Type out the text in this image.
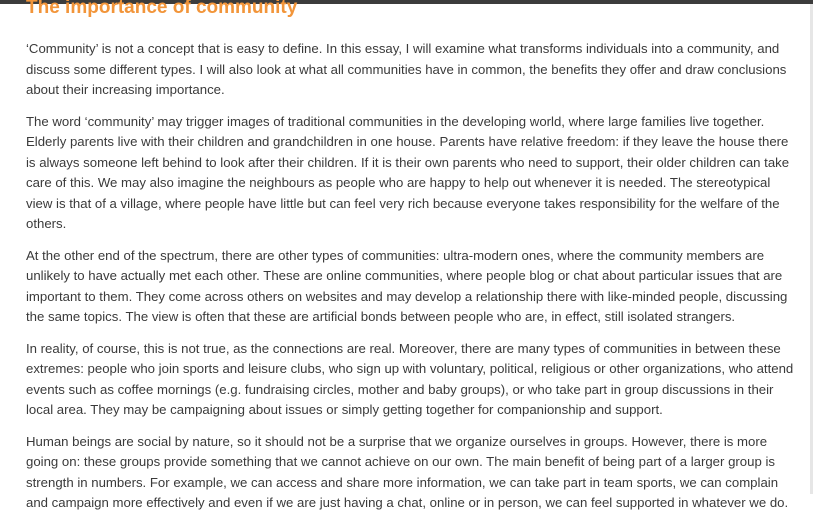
The importance of community

‘Community’ is not a concept that is easy to define. In this essay, I will examine what transforms individuals into a community, and discuss some different types. I will also look at what all communities have in common, the benefits they offer and draw conclusions about their increasing importance.

The word ‘community’ may trigger images of traditional communities in the developing world, where large families live together. Elderly parents live with their children and grandchildren in one house. Parents have relative freedom: if they leave the house there is always someone left behind to look after their children. If it is their own parents who need to support, their older children can take care of this. We may also imagine the neighbours as people who are happy to help out whenever it is needed. The stereotypical view is that of a village, where people have little but can feel very rich because everyone takes responsibility for the welfare of the others.

At the other end of the spectrum, there are other types of communities: ultra-modern ones, where the community members are unlikely to have actually met each other. These are online communities, where people blog or chat about particular issues that are important to them. They come across others on websites and may develop a relationship there with like-minded people, discussing the same topics. The view is often that these are artificial bonds between people who are, in effect, still isolated strangers.

In reality, of course, this is not true, as the connections are real. Moreover, there are many types of communities in between these extremes: people who join sports and leisure clubs, who sign up with voluntary, political, religious or other organizations, who attend events such as coffee mornings (e.g. fundraising circles, mother and baby groups), or who take part in group discussions in their local area. They may be campaigning about issues or simply getting together for companionship and support.

Human beings are social by nature, so it should not be a surprise that we organize ourselves in groups. However, there is more going on: these groups provide something that we cannot achieve on our own. The main benefit of being part of a larger group is strength in numbers. For example, we can access and share more information, we can take part in team sports, we can complain and campaign more effectively and even if we are just having a chat, online or in person, we can feel supported in whatever we do.
